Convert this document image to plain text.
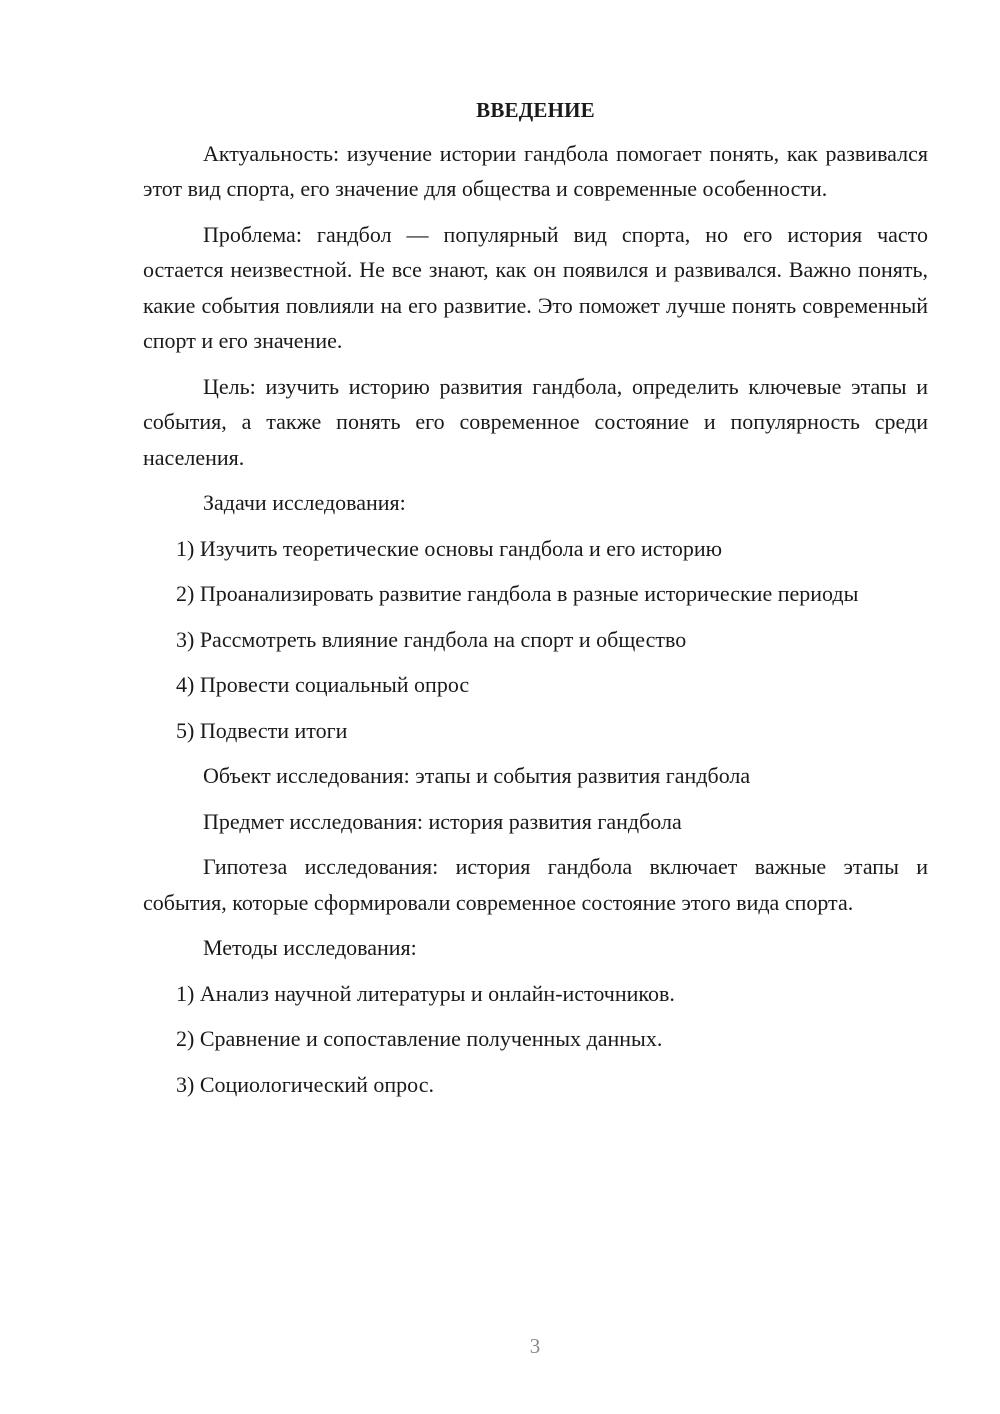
ВВЕДЕНИЕ

Актуальность: изучение истории гандбола помогает понять, как развивался этот вид спорта, его значение для общества и современные особенности.

Проблема: гандбол — популярный вид спорта, но его история часто остается неизвестной. Не все знают, как он появился и развивался. Важно понять, какие события повлияли на его развитие. Это поможет лучше понять современный спорт и его значение.

Цель: изучить историю развития гандбола, определить ключевые этапы и события, а также понять его современное состояние и популярность среди населения.

Задачи исследования:

1) Изучить теоретические основы гандбола и его историю

2) Проанализировать развитие гандбола в разные исторические периоды

3) Рассмотреть влияние гандбола на спорт и общество

4) Провести социальный опрос

5) Подвести итоги

Объект исследования: этапы и события развития гандбола

Предмет исследования: история развития гандбола

Гипотеза исследования: история гандбола включает важные этапы и события, которые сформировали современное состояние этого вида спорта.

Методы исследования:

1) Анализ научной литературы и онлайн-источников.

2) Сравнение и сопоставление полученных данных.

3) Социологический опрос.

3
